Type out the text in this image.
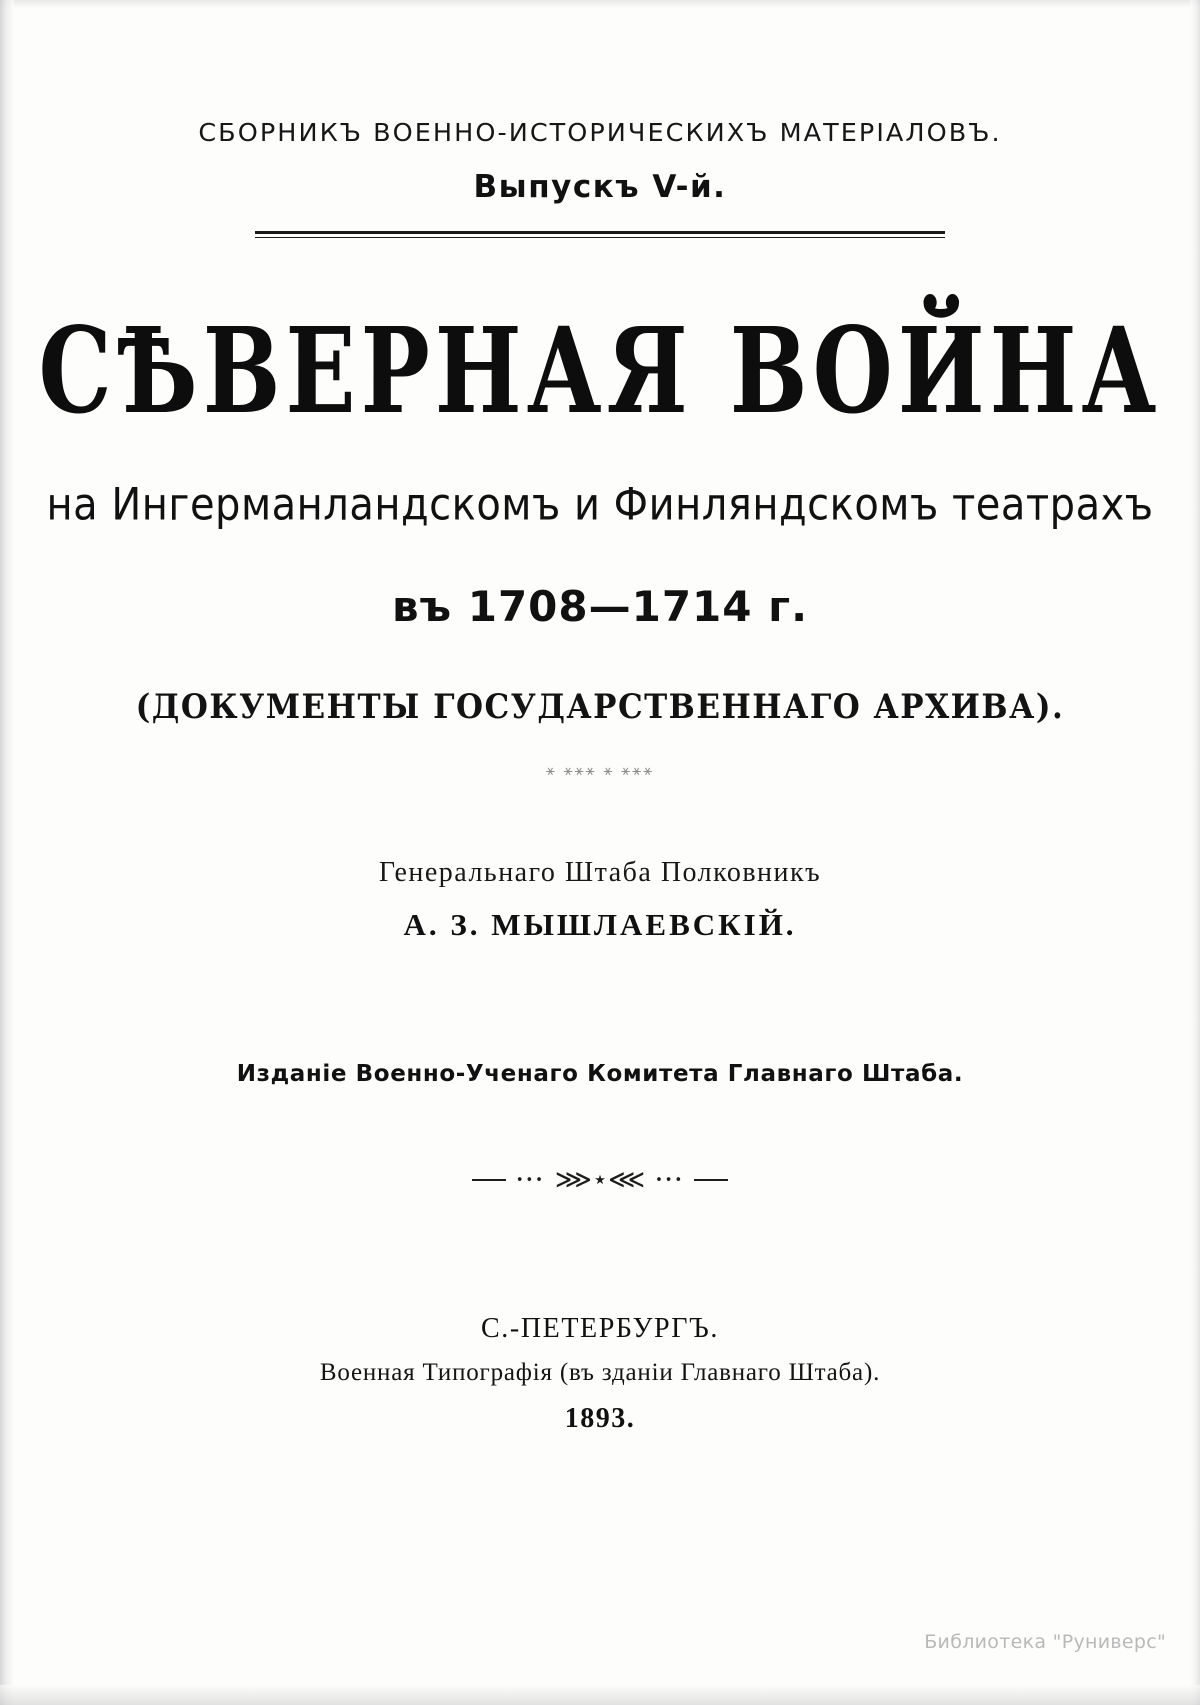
СБОРНИКЪ ВОЕННО-ИСТОРИЧЕСКИХЪ МАТЕРІАЛОВЪ.
Выпускъ V-й.
СѢВЕРНАЯ ВОЙНА
на Ингерманландскомъ и Финляндскомъ театрахъ
въ 1708—1714 г.
(ДОКУМЕНТЫ ГОСУДАРСТВЕННАГО АРХИВА).
⚹ ⚹⚹⚹ ⚹ ⚹⚹⚹
Генеральнаго Штаба Полковникъ
А. З. МЫШЛАЕВСКІЙ.
Изданіе Военно-Ученаго Комитета Главнаго Штаба.
••• ⋙⋆⋘ •••
С.-ПЕТЕРБУРГЪ.
Военная Типографія (въ зданіи Главнаго Штаба).
1893.
Библиотека "Руниверс"
